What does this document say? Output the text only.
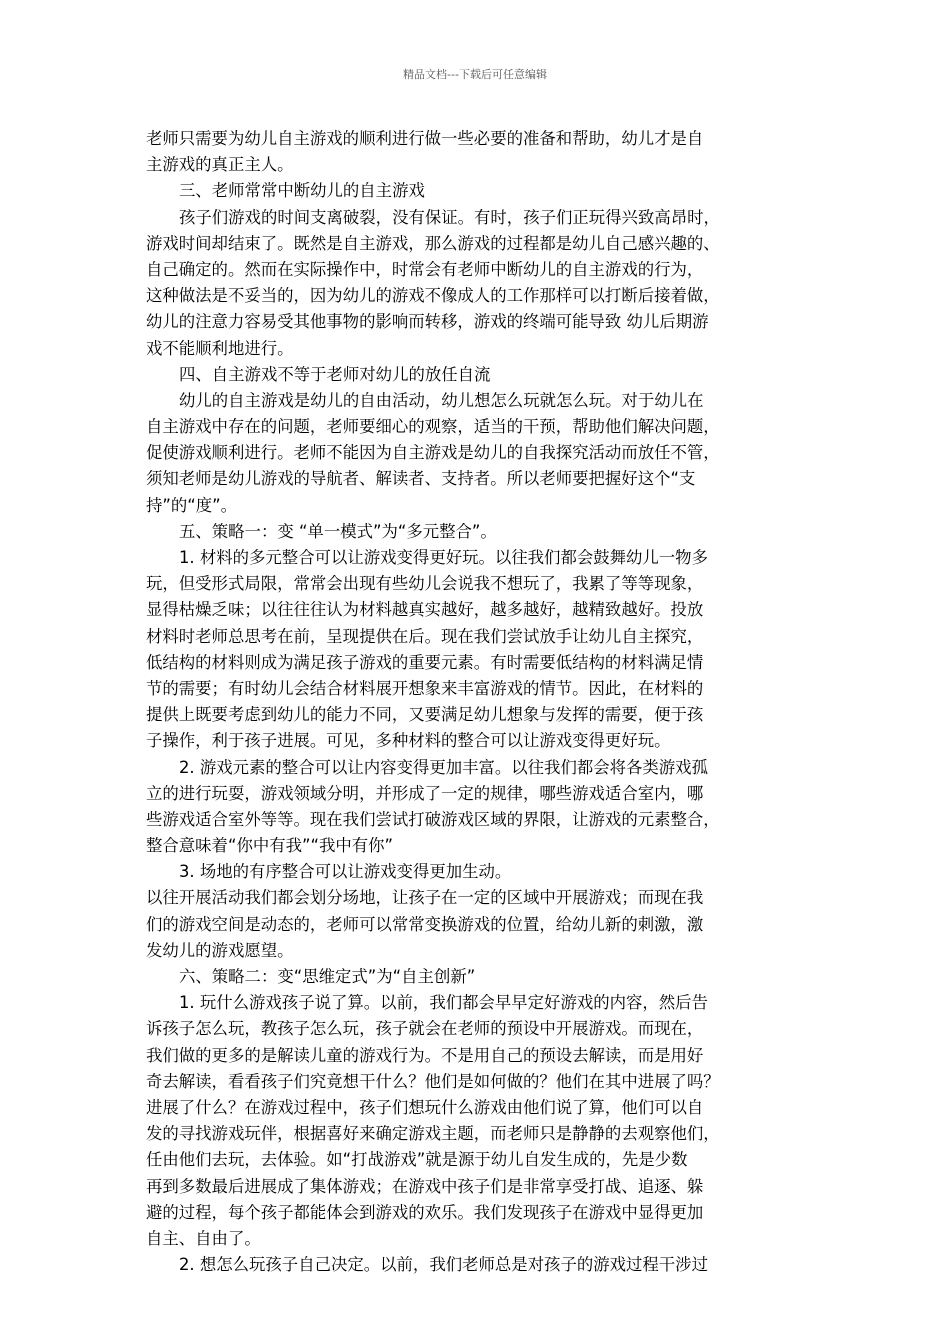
精品文档---下载后可任意编辑
老师只需要为幼儿自主游戏的顺利进行做一些必要的准备和帮助，幼儿才是自
主游戏的真正主人。
三、老师常常中断幼儿的自主游戏
孩子们游戏的时间支离破裂，没有保证。有时，孩子们正玩得兴致高昂时，
游戏时间却结束了。既然是自主游戏，那么游戏的过程都是幼儿自己感兴趣的、
自己确定的。然而在实际操作中，时常会有老师中断幼儿的自主游戏的行为，
这种做法是不妥当的，因为幼儿的游戏不像成人的工作那样可以打断后接着做，
幼儿的注意力容易受其他事物的影响而转移，游戏的终端可能导致 幼儿后期游
戏不能顺利地进行。
四、自主游戏不等于老师对幼儿的放任自流
幼儿的自主游戏是幼儿的自由活动，幼儿想怎么玩就怎么玩。对于幼儿在
自主游戏中存在的问题，老师要细心的观察，适当的干预，帮助他们解决问题，
促使游戏顺利进行。老师不能因为自主游戏是幼儿的自我探究活动而放任不管，
须知老师是幼儿游戏的导航者、解读者、支持者。所以老师要把握好这个“支
持”的“度”。
五、策略一：变 “单一模式”为“多元整合”。
1. 材料的多元整合可以让游戏变得更好玩。以往我们都会鼓舞幼儿一物多
玩，但受形式局限，常常会出现有些幼儿会说我不想玩了，我累了等等现象，
显得枯燥乏味；以往往往认为材料越真实越好，越多越好，越精致越好。投放
材料时老师总思考在前，呈现提供在后。现在我们尝试放手让幼儿自主探究，
低结构的材料则成为满足孩子游戏的重要元素。有时需要低结构的材料满足情
节的需要；有时幼儿会结合材料展开想象来丰富游戏的情节。因此，在材料的
提供上既要考虑到幼儿的能力不同，又要满足幼儿想象与发挥的需要，便于孩
子操作，利于孩子进展。可见，多种材料的整合可以让游戏变得更好玩。
2. 游戏元素的整合可以让内容变得更加丰富。以往我们都会将各类游戏孤
立的进行玩耍，游戏领域分明，并形成了一定的规律，哪些游戏适合室内，哪
些游戏适合室外等等。现在我们尝试打破游戏区域的界限，让游戏的元素整合，
整合意味着“你中有我”“我中有你”
3. 场地的有序整合可以让游戏变得更加生动。
以往开展活动我们都会划分场地，让孩子在一定的区域中开展游戏；而现在我
们的游戏空间是动态的，老师可以常常变换游戏的位置，给幼儿新的刺激，激
发幼儿的游戏愿望。
六、策略二：变“思维定式”为“自主创新”
1. 玩什么游戏孩子说了算。以前，我们都会早早定好游戏的内容，然后告
诉孩子怎么玩，教孩子怎么玩，孩子就会在老师的预设中开展游戏。而现在，
我们做的更多的是解读儿童的游戏行为。不是用自己的预设去解读，而是用好
奇去解读，看看孩子们究竟想干什么？他们是如何做的？他们在其中进展了吗？
进展了什么？在游戏过程中，孩子们想玩什么游戏由他们说了算，他们可以自
发的寻找游戏玩伴，根据喜好来确定游戏主题，而老师只是静静的去观察他们，
任由他们去玩，去体验。如“打战游戏”就是源于幼儿自发生成的，先是少数
再到多数最后进展成了集体游戏；在游戏中孩子们是非常享受打战、追逐、躲
避的过程，每个孩子都能体会到游戏的欢乐。我们发现孩子在游戏中显得更加
自主、自由了。
2. 想怎么玩孩子自己决定。以前，我们老师总是对孩子的游戏过程干涉过
